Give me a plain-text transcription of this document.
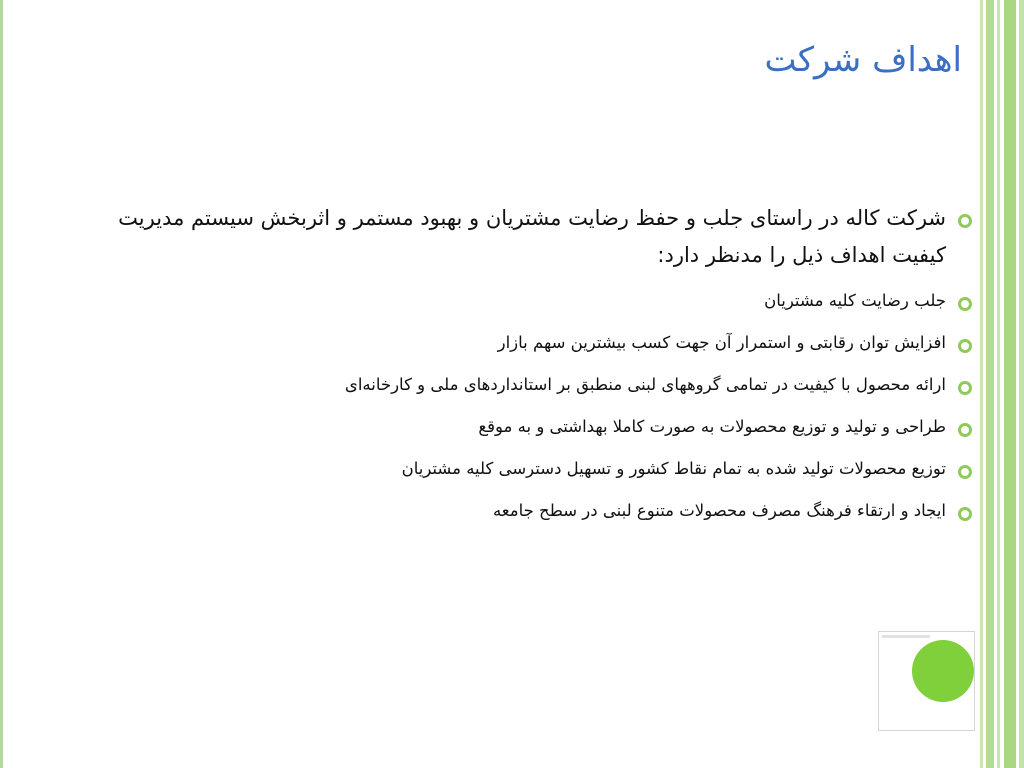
اهداف شرکت
شرکت کاله در راستای جلب و حفظ رضایت مشتریان و بهبود مستمر و اثربخش سیستم مدیریت کیفیت اهداف ذیل را مدنظر دارد:
جلب رضایت کلیه مشتریان
افزایش توان رقابتی و استمرار آن جهت کسب بیشترین سهم بازار
ارائه محصول با کیفیت در تمامی گروههای لبنی منطبق بر استانداردهای ملی و کارخانه‌ای
طراحی و تولید و توزیع محصولات به صورت کاملا بهداشتی و به موقع
توزیع محصولات تولید شده به تمام نقاط کشور و تسهیل دسترسی کلیه مشتریان
ایجاد و ارتقاء فرهنگ مصرف محصولات متنوع لبنی در سطح جامعه
